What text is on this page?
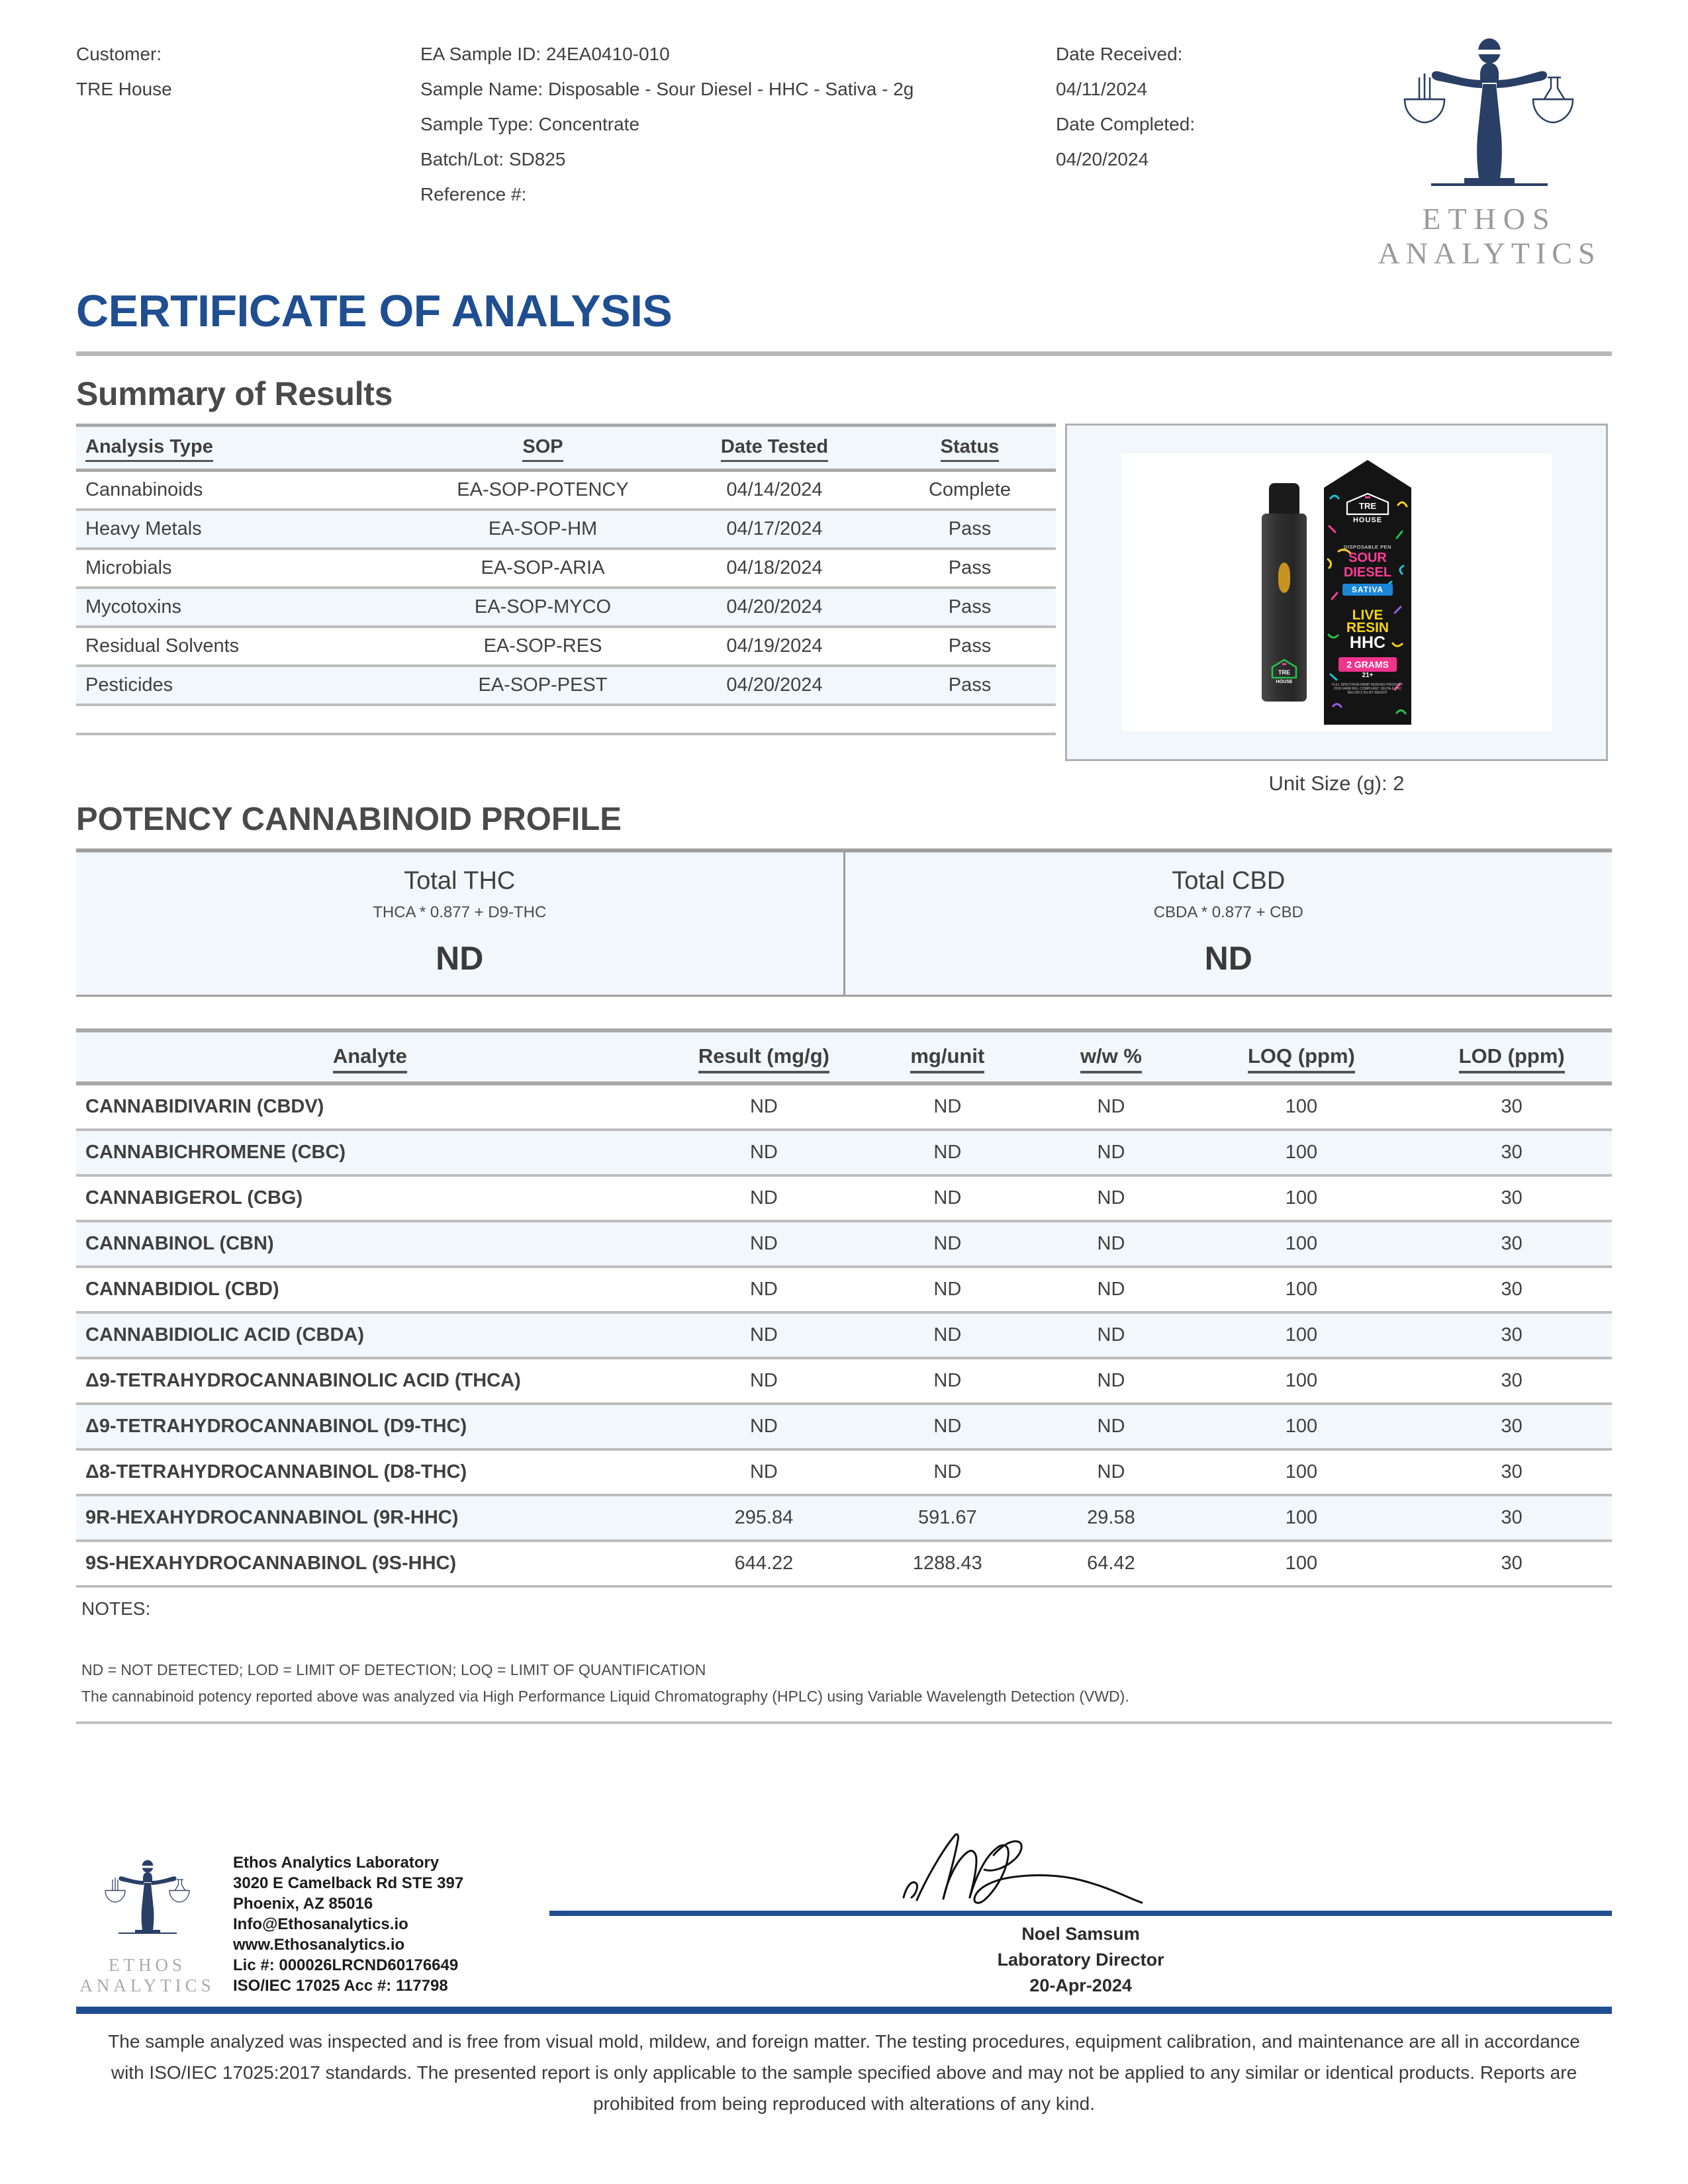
Customer:
TRE House
EA Sample ID: 24EA0410-010
Sample Name: Disposable - Sour Diesel - HHC - Sativa - 2g
Sample Type: Concentrate
Batch/Lot: SD825
Reference #:
Date Received:
04/11/2024
Date Completed:
04/20/2024
ETHOS
ANALYTICS
CERTIFICATE OF ANALYSIS
Summary of Results
Analysis Type	SOP	Date Tested	Status
Cannabinoids	EA-SOP-POTENCY	04/14/2024	Complete
Heavy Metals	EA-SOP-HM	04/17/2024	Pass
Microbials	EA-SOP-ARIA	04/18/2024	Pass
Mycotoxins	EA-SOP-MYCO	04/20/2024	Pass
Residual Solvents	EA-SOP-RES	04/19/2024	Pass
Pesticides	EA-SOP-PEST	04/20/2024	Pass

TRE
HOUSE
TRE
HOUSE
DISPOSABLE PEN
SOUR
DIESEL
SATIVA
LIVE
RESIN
HHC
2 GRAMS
21+
FULL SPECTRUM HEMP DERIVED PRODUCT. 2018 FARM BILL COMPLIANT. DELTA-9 THC BELOW 0.3% BY WEIGHT
Unit Size (g): 2
POTENCY CANNABINOID PROFILE
Total THC
THCA * 0.877 + D9-THC
ND
Total CBD
CBDA * 0.877 + CBD
ND
Analyte	Result (mg/g)	mg/unit	w/w %	LOQ (ppm)	LOD (ppm)
CANNABIDIVARIN (CBDV)	ND	ND	ND	100	30
CANNABICHROMENE (CBC)	ND	ND	ND	100	30
CANNABIGEROL (CBG)	ND	ND	ND	100	30
CANNABINOL (CBN)	ND	ND	ND	100	30
CANNABIDIOL (CBD)	ND	ND	ND	100	30
CANNABIDIOLIC ACID (CBDA)	ND	ND	ND	100	30
Δ9-TETRAHYDROCANNABINOLIC ACID (THCA)	ND	ND	ND	100	30
Δ9-TETRAHYDROCANNABINOL (D9-THC)	ND	ND	ND	100	30
Δ8-TETRAHYDROCANNABINOL (D8-THC)	ND	ND	ND	100	30
9R-HEXAHYDROCANNABINOL (9R-HHC)	295.84	591.67	29.58	100	30
9S-HEXAHYDROCANNABINOL (9S-HHC)	644.22	1288.43	64.42	100	30
NOTES:
ND = NOT DETECTED; LOD = LIMIT OF DETECTION; LOQ = LIMIT OF QUANTIFICATION
The cannabinoid potency reported above was analyzed via High Performance Liquid Chromatography (HPLC) using Variable Wavelength Detection (VWD).
ETHOS
ANALYTICS
Ethos Analytics Laboratory
3020 E Camelback Rd STE 397
Phoenix, AZ 85016
Info@Ethosanalytics.io
www.Ethosanalytics.io
Lic #: 000026LRCND60176649
ISO/IEC 17025 Acc #: 117798
Noel Samsum
Laboratory Director
20-Apr-2024
The sample analyzed was inspected and is free from visual mold, mildew, and foreign matter. The testing procedures, equipment calibration, and maintenance are all in accordance with ISO/IEC 17025:2017 standards. The presented report is only applicable to the sample specified above and may not be applied to any similar or identical products. Reports are prohibited from being reproduced with alterations of any kind.
